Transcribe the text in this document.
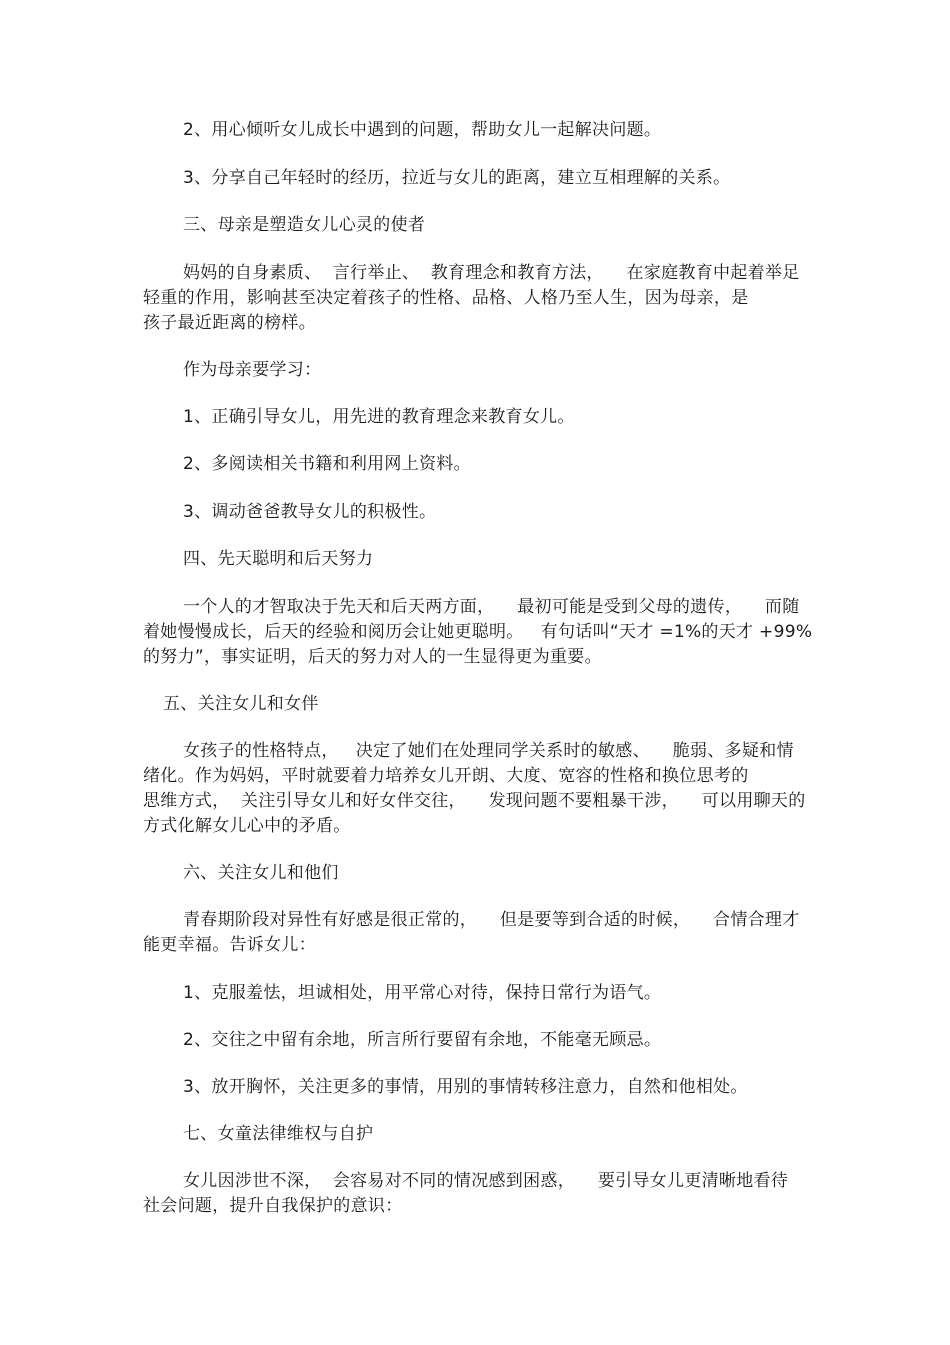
2、用心倾听女儿成长中遇到的问题，帮助女儿一起解决问题。
3、分享自己年轻时的经历，拉近与女儿的距离，建立互相理解的关系。
三、母亲是塑造女儿心灵的使者
妈妈的自身素质、  言行举止、  教育理念和教育方法，    在家庭教育中起着举足
轻重的作用，影响甚至决定着孩子的性格、品格、人格乃至人生，因为母亲，是
孩子最近距离的榜样。
作为母亲要学习：
1、正确引导女儿，用先进的教育理念来教育女儿。
2、多阅读相关书籍和利用网上资料。
3、调动爸爸教导女儿的积极性。
四、先天聪明和后天努力
一个人的才智取决于先天和后天两方面，    最初可能是受到父母的遗传，    而随
着她慢慢成长，后天的经验和阅历会让她更聪明。   有句话叫“天才 =1%的天才 +99%
的努力”，事实证明，后天的努力对人的一生显得更为重要。
五、关注女儿和女伴
女孩子的性格特点，   决定了她们在处理同学关系时的敏感、    脆弱、多疑和情
绪化。作为妈妈，平时就要着力培养女儿开朗、大度、宽容的性格和换位思考的
思维方式，  关注引导女儿和好女伴交往，    发现问题不要粗暴干涉，    可以用聊天的
方式化解女儿心中的矛盾。
六、关注女儿和他们
青春期阶段对异性有好感是很正常的，    但是要等到合适的时候，    合情合理才
能更幸福。告诉女儿：
1、克服羞怯，坦诚相处，用平常心对待，保持日常行为语气。
2、交往之中留有余地，所言所行要留有余地，不能毫无顾忌。
3、放开胸怀，关注更多的事情，用别的事情转移注意力，自然和他相处。
七、女童法律维权与自护
女儿因涉世不深，  会容易对不同的情况感到困惑，    要引导女儿更清晰地看待
社会问题，提升自我保护的意识：
